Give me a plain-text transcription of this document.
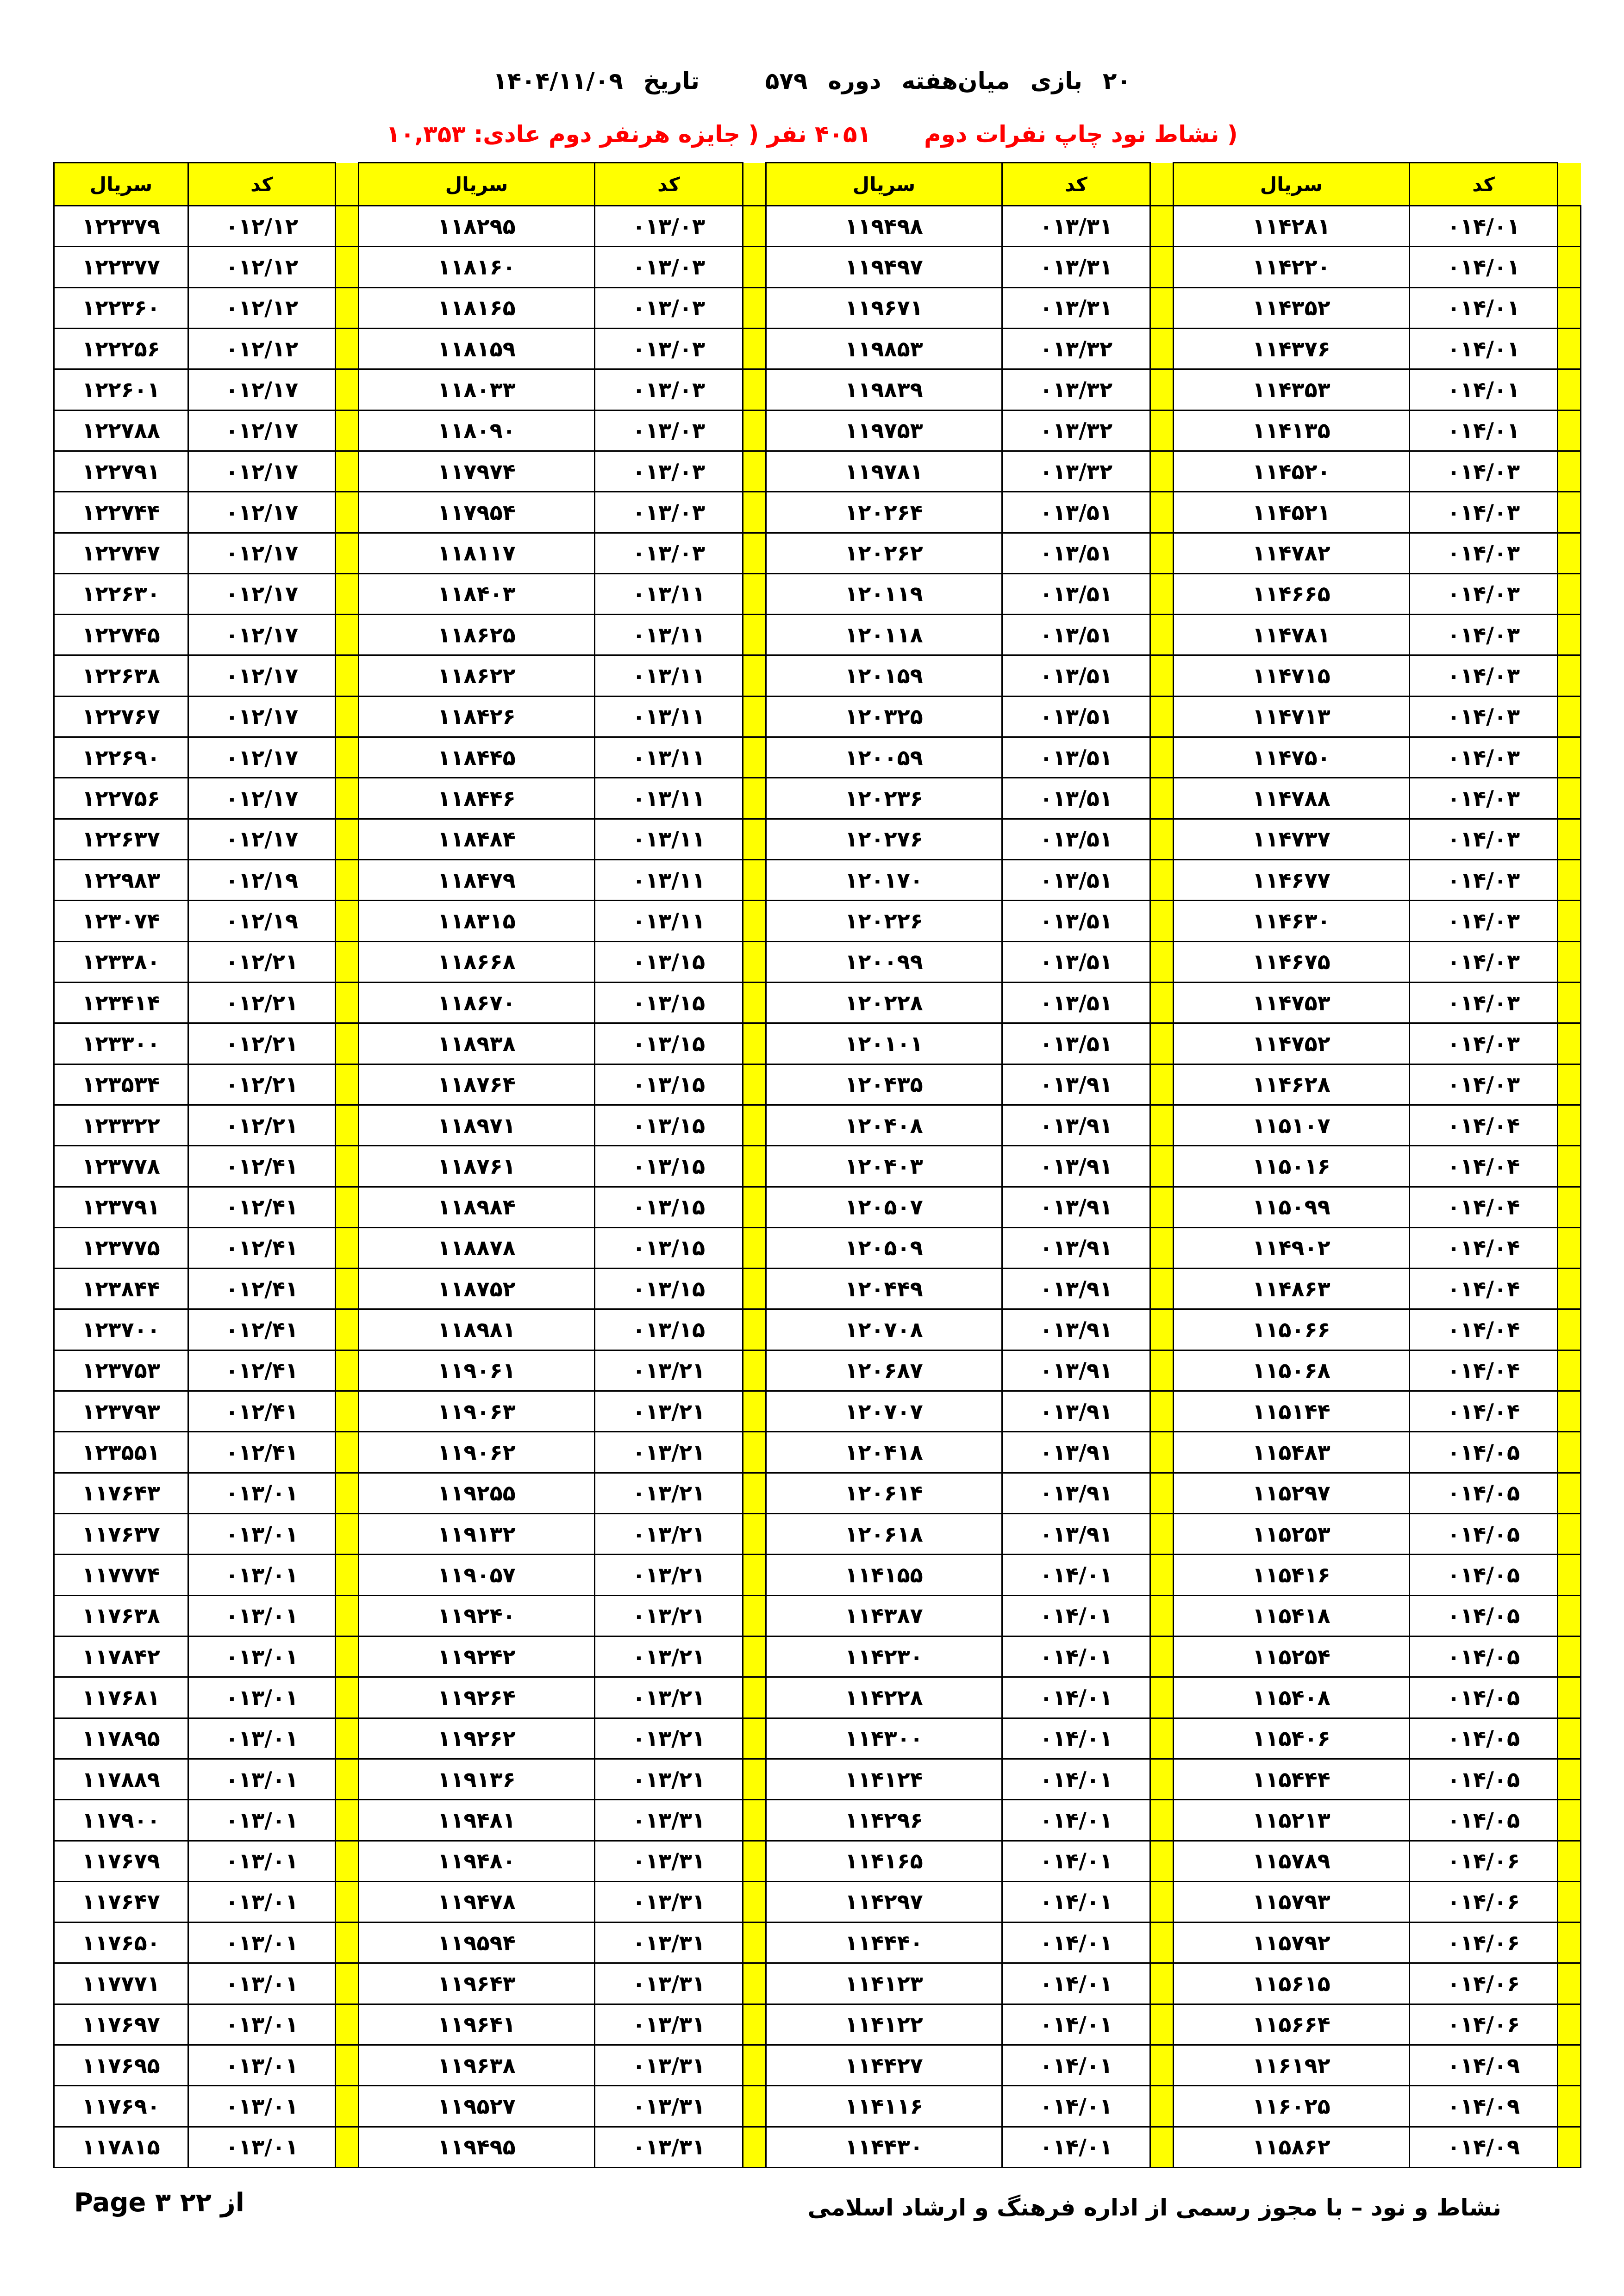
۲۰
بازی
میان‌هفته
دوره
۵۷۹
تاریخ
۱۴۰۴/۱۱/۰۹
( نشاط نود چاپ نفرات دوم
۴۰۵۱ نفر ( جایزه هرنفر دوم عادی: ۱۰,۳۵۳
	کد	سریال		کد	سریال		کد	سریال		کد	سریال
	۰۱۴/۰۱	۱۱۴۲۸۱		۰۱۳/۳۱	۱۱۹۴۹۸		۰۱۳/۰۳	۱۱۸۲۹۵		۰۱۲/۱۲	۱۲۲۳۷۹
	۰۱۴/۰۱	۱۱۴۲۲۰		۰۱۳/۳۱	۱۱۹۴۹۷		۰۱۳/۰۳	۱۱۸۱۶۰		۰۱۲/۱۲	۱۲۲۳۷۷
	۰۱۴/۰۱	۱۱۴۳۵۲		۰۱۳/۳۱	۱۱۹۶۷۱		۰۱۳/۰۳	۱۱۸۱۶۵		۰۱۲/۱۲	۱۲۲۳۶۰
	۰۱۴/۰۱	۱۱۴۳۷۶		۰۱۳/۳۲	۱۱۹۸۵۳		۰۱۳/۰۳	۱۱۸۱۵۹		۰۱۲/۱۲	۱۲۲۲۵۶
	۰۱۴/۰۱	۱۱۴۳۵۳		۰۱۳/۳۲	۱۱۹۸۳۹		۰۱۳/۰۳	۱۱۸۰۳۳		۰۱۲/۱۷	۱۲۲۶۰۱
	۰۱۴/۰۱	۱۱۴۱۳۵		۰۱۳/۳۲	۱۱۹۷۵۳		۰۱۳/۰۳	۱۱۸۰۹۰		۰۱۲/۱۷	۱۲۲۷۸۸
	۰۱۴/۰۳	۱۱۴۵۲۰		۰۱۳/۳۲	۱۱۹۷۸۱		۰۱۳/۰۳	۱۱۷۹۷۴		۰۱۲/۱۷	۱۲۲۷۹۱
	۰۱۴/۰۳	۱۱۴۵۲۱		۰۱۳/۵۱	۱۲۰۲۶۴		۰۱۳/۰۳	۱۱۷۹۵۴		۰۱۲/۱۷	۱۲۲۷۴۴
	۰۱۴/۰۳	۱۱۴۷۸۲		۰۱۳/۵۱	۱۲۰۲۶۲		۰۱۳/۰۳	۱۱۸۱۱۷		۰۱۲/۱۷	۱۲۲۷۴۷
	۰۱۴/۰۳	۱۱۴۶۶۵		۰۱۳/۵۱	۱۲۰۱۱۹		۰۱۳/۱۱	۱۱۸۴۰۳		۰۱۲/۱۷	۱۲۲۶۳۰
	۰۱۴/۰۳	۱۱۴۷۸۱		۰۱۳/۵۱	۱۲۰۱۱۸		۰۱۳/۱۱	۱۱۸۶۲۵		۰۱۲/۱۷	۱۲۲۷۴۵
	۰۱۴/۰۳	۱۱۴۷۱۵		۰۱۳/۵۱	۱۲۰۱۵۹		۰۱۳/۱۱	۱۱۸۶۲۲		۰۱۲/۱۷	۱۲۲۶۳۸
	۰۱۴/۰۳	۱۱۴۷۱۳		۰۱۳/۵۱	۱۲۰۳۲۵		۰۱۳/۱۱	۱۱۸۴۲۶		۰۱۲/۱۷	۱۲۲۷۶۷
	۰۱۴/۰۳	۱۱۴۷۵۰		۰۱۳/۵۱	۱۲۰۰۵۹		۰۱۳/۱۱	۱۱۸۴۴۵		۰۱۲/۱۷	۱۲۲۶۹۰
	۰۱۴/۰۳	۱۱۴۷۸۸		۰۱۳/۵۱	۱۲۰۲۳۶		۰۱۳/۱۱	۱۱۸۴۴۶		۰۱۲/۱۷	۱۲۲۷۵۶
	۰۱۴/۰۳	۱۱۴۷۳۷		۰۱۳/۵۱	۱۲۰۲۷۶		۰۱۳/۱۱	۱۱۸۴۸۴		۰۱۲/۱۷	۱۲۲۶۳۷
	۰۱۴/۰۳	۱۱۴۶۷۷		۰۱۳/۵۱	۱۲۰۱۷۰		۰۱۳/۱۱	۱۱۸۴۷۹		۰۱۲/۱۹	۱۲۲۹۸۳
	۰۱۴/۰۳	۱۱۴۶۳۰		۰۱۳/۵۱	۱۲۰۲۲۶		۰۱۳/۱۱	۱۱۸۳۱۵		۰۱۲/۱۹	۱۲۳۰۷۴
	۰۱۴/۰۳	۱۱۴۶۷۵		۰۱۳/۵۱	۱۲۰۰۹۹		۰۱۳/۱۵	۱۱۸۶۶۸		۰۱۲/۲۱	۱۲۳۳۸۰
	۰۱۴/۰۳	۱۱۴۷۵۳		۰۱۳/۵۱	۱۲۰۲۲۸		۰۱۳/۱۵	۱۱۸۶۷۰		۰۱۲/۲۱	۱۲۳۴۱۴
	۰۱۴/۰۳	۱۱۴۷۵۲		۰۱۳/۵۱	۱۲۰۱۰۱		۰۱۳/۱۵	۱۱۸۹۳۸		۰۱۲/۲۱	۱۲۳۳۰۰
	۰۱۴/۰۳	۱۱۴۶۲۸		۰۱۳/۹۱	۱۲۰۴۳۵		۰۱۳/۱۵	۱۱۸۷۶۴		۰۱۲/۲۱	۱۲۳۵۳۴
	۰۱۴/۰۴	۱۱۵۱۰۷		۰۱۳/۹۱	۱۲۰۴۰۸		۰۱۳/۱۵	۱۱۸۹۷۱		۰۱۲/۲۱	۱۲۳۳۲۲
	۰۱۴/۰۴	۱۱۵۰۱۶		۰۱۳/۹۱	۱۲۰۴۰۳		۰۱۳/۱۵	۱۱۸۷۶۱		۰۱۲/۴۱	۱۲۳۷۷۸
	۰۱۴/۰۴	۱۱۵۰۹۹		۰۱۳/۹۱	۱۲۰۵۰۷		۰۱۳/۱۵	۱۱۸۹۸۴		۰۱۲/۴۱	۱۲۳۷۹۱
	۰۱۴/۰۴	۱۱۴۹۰۲		۰۱۳/۹۱	۱۲۰۵۰۹		۰۱۳/۱۵	۱۱۸۸۷۸		۰۱۲/۴۱	۱۲۳۷۷۵
	۰۱۴/۰۴	۱۱۴۸۶۳		۰۱۳/۹۱	۱۲۰۴۴۹		۰۱۳/۱۵	۱۱۸۷۵۲		۰۱۲/۴۱	۱۲۳۸۴۴
	۰۱۴/۰۴	۱۱۵۰۶۶		۰۱۳/۹۱	۱۲۰۷۰۸		۰۱۳/۱۵	۱۱۸۹۸۱		۰۱۲/۴۱	۱۲۳۷۰۰
	۰۱۴/۰۴	۱۱۵۰۶۸		۰۱۳/۹۱	۱۲۰۶۸۷		۰۱۳/۲۱	۱۱۹۰۶۱		۰۱۲/۴۱	۱۲۳۷۵۳
	۰۱۴/۰۴	۱۱۵۱۴۴		۰۱۳/۹۱	۱۲۰۷۰۷		۰۱۳/۲۱	۱۱۹۰۶۳		۰۱۲/۴۱	۱۲۳۷۹۳
	۰۱۴/۰۵	۱۱۵۴۸۳		۰۱۳/۹۱	۱۲۰۴۱۸		۰۱۳/۲۱	۱۱۹۰۶۲		۰۱۲/۴۱	۱۲۳۵۵۱
	۰۱۴/۰۵	۱۱۵۲۹۷		۰۱۳/۹۱	۱۲۰۶۱۴		۰۱۳/۲۱	۱۱۹۲۵۵		۰۱۳/۰۱	۱۱۷۶۴۳
	۰۱۴/۰۵	۱۱۵۲۵۳		۰۱۳/۹۱	۱۲۰۶۱۸		۰۱۳/۲۱	۱۱۹۱۳۲		۰۱۳/۰۱	۱۱۷۶۳۷
	۰۱۴/۰۵	۱۱۵۴۱۶		۰۱۴/۰۱	۱۱۴۱۵۵		۰۱۳/۲۱	۱۱۹۰۵۷		۰۱۳/۰۱	۱۱۷۷۷۴
	۰۱۴/۰۵	۱۱۵۴۱۸		۰۱۴/۰۱	۱۱۴۳۸۷		۰۱۳/۲۱	۱۱۹۲۴۰		۰۱۳/۰۱	۱۱۷۶۳۸
	۰۱۴/۰۵	۱۱۵۲۵۴		۰۱۴/۰۱	۱۱۴۲۳۰		۰۱۳/۲۱	۱۱۹۲۴۲		۰۱۳/۰۱	۱۱۷۸۴۲
	۰۱۴/۰۵	۱۱۵۴۰۸		۰۱۴/۰۱	۱۱۴۲۲۸		۰۱۳/۲۱	۱۱۹۲۶۴		۰۱۳/۰۱	۱۱۷۶۸۱
	۰۱۴/۰۵	۱۱۵۴۰۶		۰۱۴/۰۱	۱۱۴۳۰۰		۰۱۳/۲۱	۱۱۹۲۶۲		۰۱۳/۰۱	۱۱۷۸۹۵
	۰۱۴/۰۵	۱۱۵۴۴۴		۰۱۴/۰۱	۱۱۴۱۲۴		۰۱۳/۲۱	۱۱۹۱۳۶		۰۱۳/۰۱	۱۱۷۸۸۹
	۰۱۴/۰۵	۱۱۵۲۱۳		۰۱۴/۰۱	۱۱۴۲۹۶		۰۱۳/۳۱	۱۱۹۴۸۱		۰۱۳/۰۱	۱۱۷۹۰۰
	۰۱۴/۰۶	۱۱۵۷۸۹		۰۱۴/۰۱	۱۱۴۱۶۵		۰۱۳/۳۱	۱۱۹۴۸۰		۰۱۳/۰۱	۱۱۷۶۷۹
	۰۱۴/۰۶	۱۱۵۷۹۳		۰۱۴/۰۱	۱۱۴۲۹۷		۰۱۳/۳۱	۱۱۹۴۷۸		۰۱۳/۰۱	۱۱۷۶۴۷
	۰۱۴/۰۶	۱۱۵۷۹۲		۰۱۴/۰۱	۱۱۴۴۴۰		۰۱۳/۳۱	۱۱۹۵۹۴		۰۱۳/۰۱	۱۱۷۶۵۰
	۰۱۴/۰۶	۱۱۵۶۱۵		۰۱۴/۰۱	۱۱۴۱۲۳		۰۱۳/۳۱	۱۱۹۶۴۳		۰۱۳/۰۱	۱۱۷۷۷۱
	۰۱۴/۰۶	۱۱۵۶۶۴		۰۱۴/۰۱	۱۱۴۱۲۲		۰۱۳/۳۱	۱۱۹۶۴۱		۰۱۳/۰۱	۱۱۷۶۹۷
	۰۱۴/۰۹	۱۱۶۱۹۲		۰۱۴/۰۱	۱۱۴۴۲۷		۰۱۳/۳۱	۱۱۹۶۳۸		۰۱۳/۰۱	۱۱۷۶۹۵
	۰۱۴/۰۹	۱۱۶۰۲۵		۰۱۴/۰۱	۱۱۴۱۱۶		۰۱۳/۳۱	۱۱۹۵۲۷		۰۱۳/۰۱	۱۱۷۶۹۰
	۰۱۴/۰۹	۱۱۵۸۶۲		۰۱۴/۰۱	۱۱۴۴۳۰		۰۱۳/۳۱	۱۱۹۴۹۵		۰۱۳/۰۱	۱۱۷۸۱۵
نشاط و نود – با مجوز رسمی از اداره فرهنگ و ارشاد اسلامی
از ۲۲ ۳ Page
